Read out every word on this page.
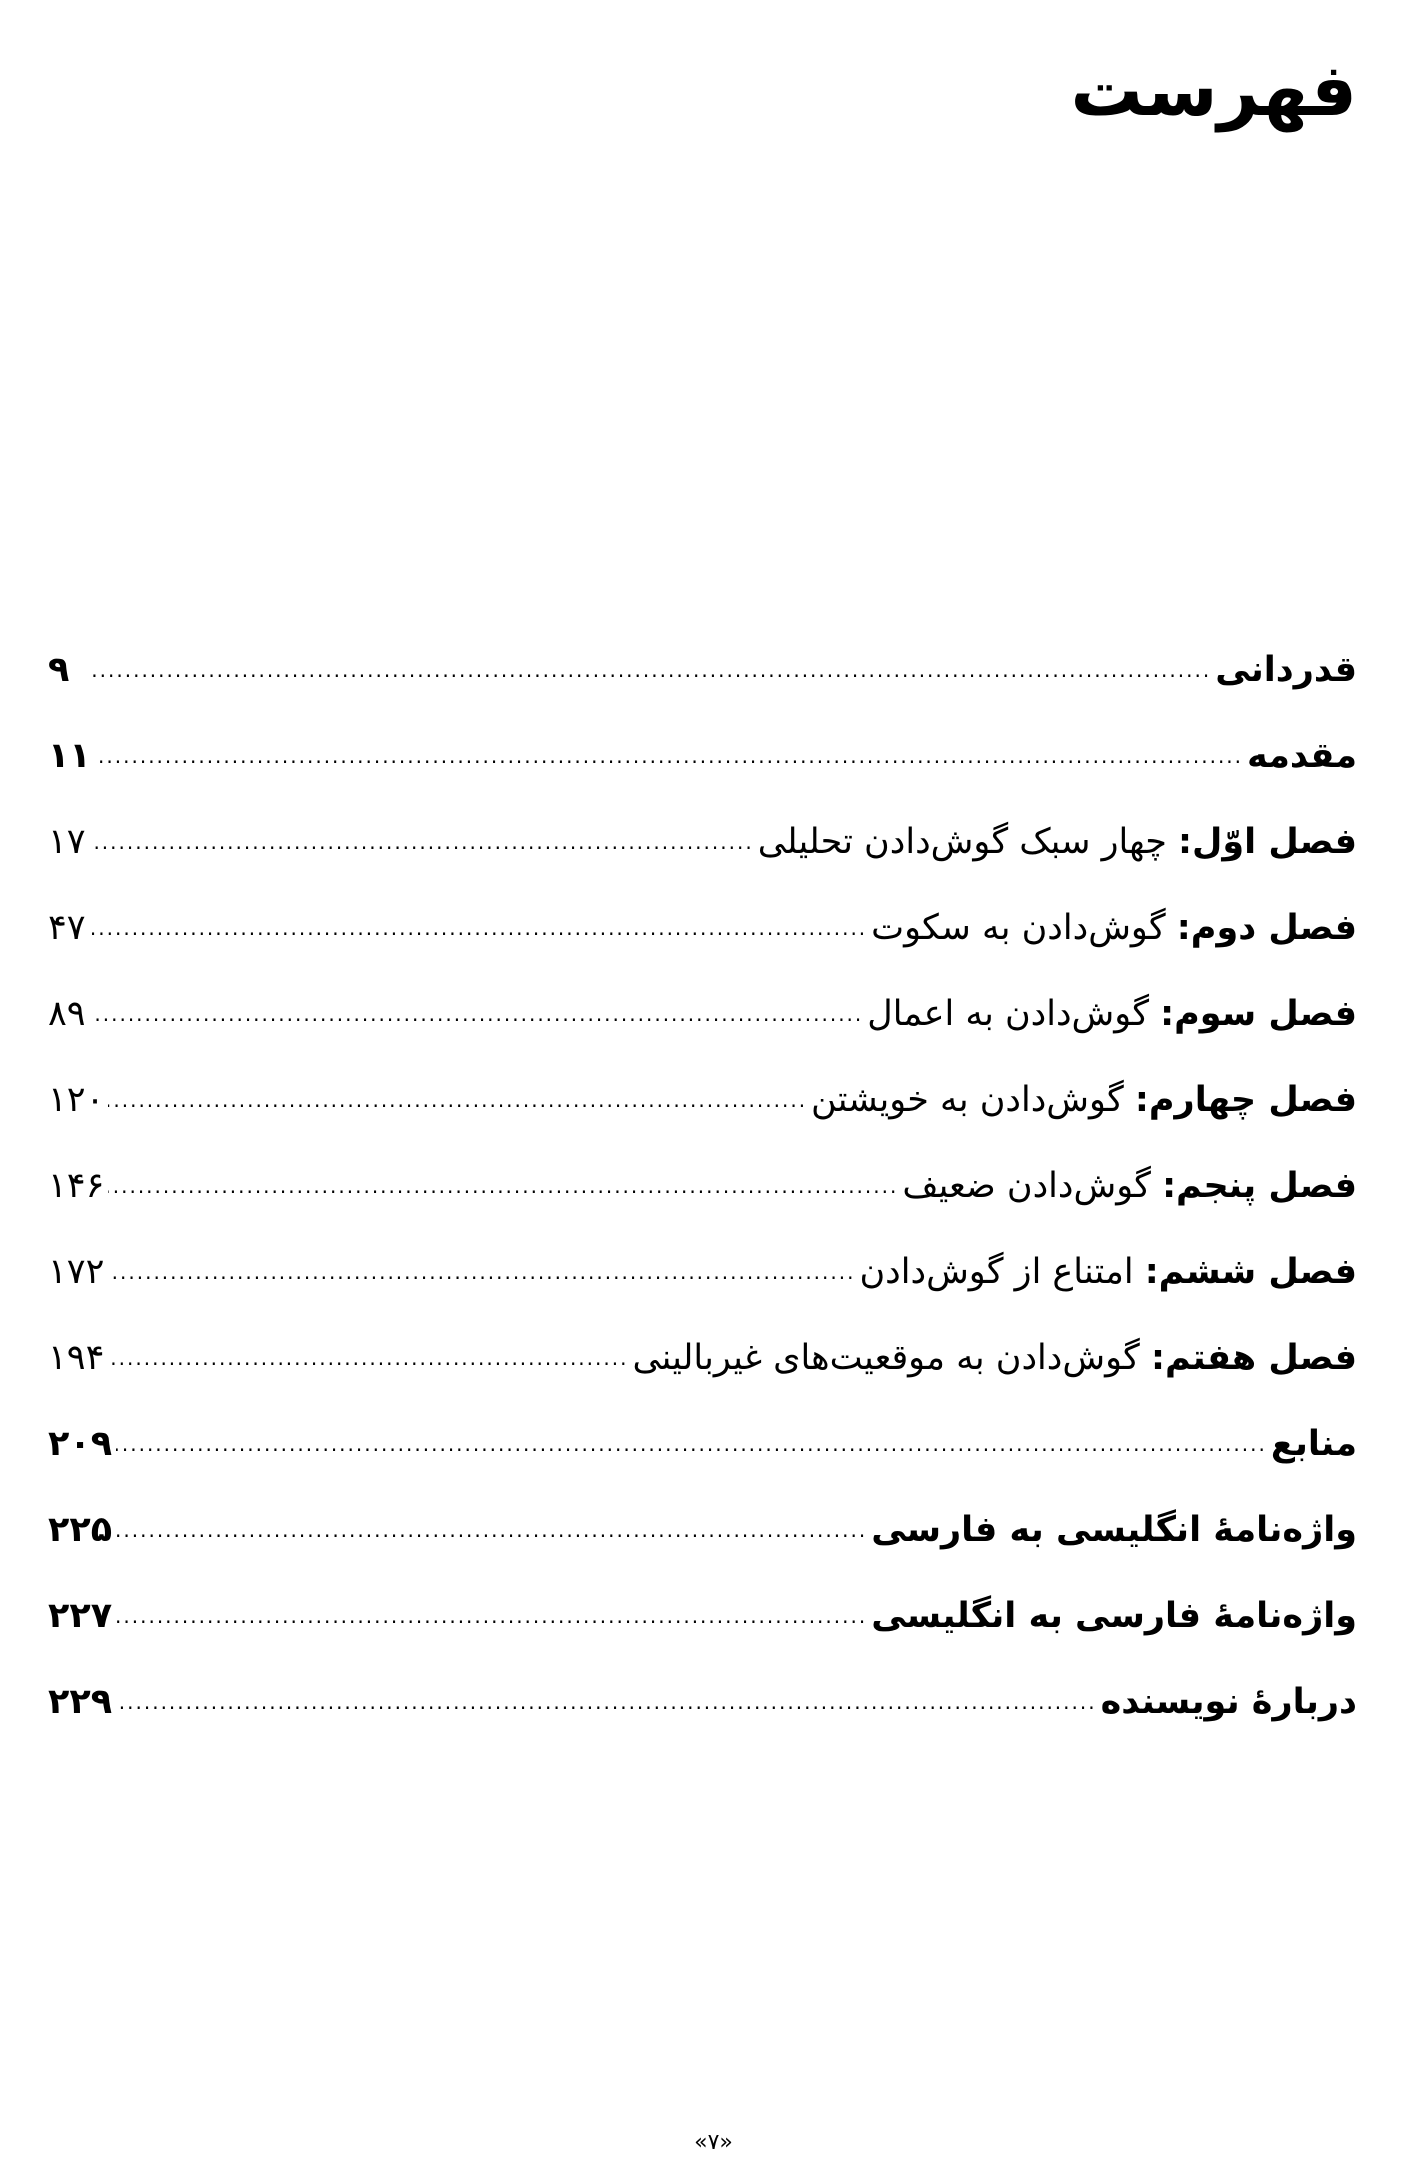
فهرست
قدردانی
.....
۹
مقدمه
.....
۱۱
فصل اوّل: چهار سبک گوش‌دادن تحلیلی
.....
۱۷
فصل دوم: گوش‌دادن به سکوت
.....
۴۷
فصل سوم: گوش‌دادن به اعمال
.....
۸۹
فصل چهارم: گوش‌دادن به خویشتن
.....
۱۲۰
فصل پنجم: گوش‌دادن ضعیف
.....
۱۴۶
فصل ششم: امتناع از گوش‌دادن
.....
۱۷۲
فصل هفتم: گوش‌دادن به موقعیت‌های غیربالینی
.....
۱۹۴
منابع
.....
۲۰۹
واژه‌نامۀ انگلیسی به فارسی
.....
۲۲۵
واژه‌نامۀ فارسی به انگلیسی
.....
۲۲۷
دربارۀ نویسنده
.....
۲۲۹
«۷»
